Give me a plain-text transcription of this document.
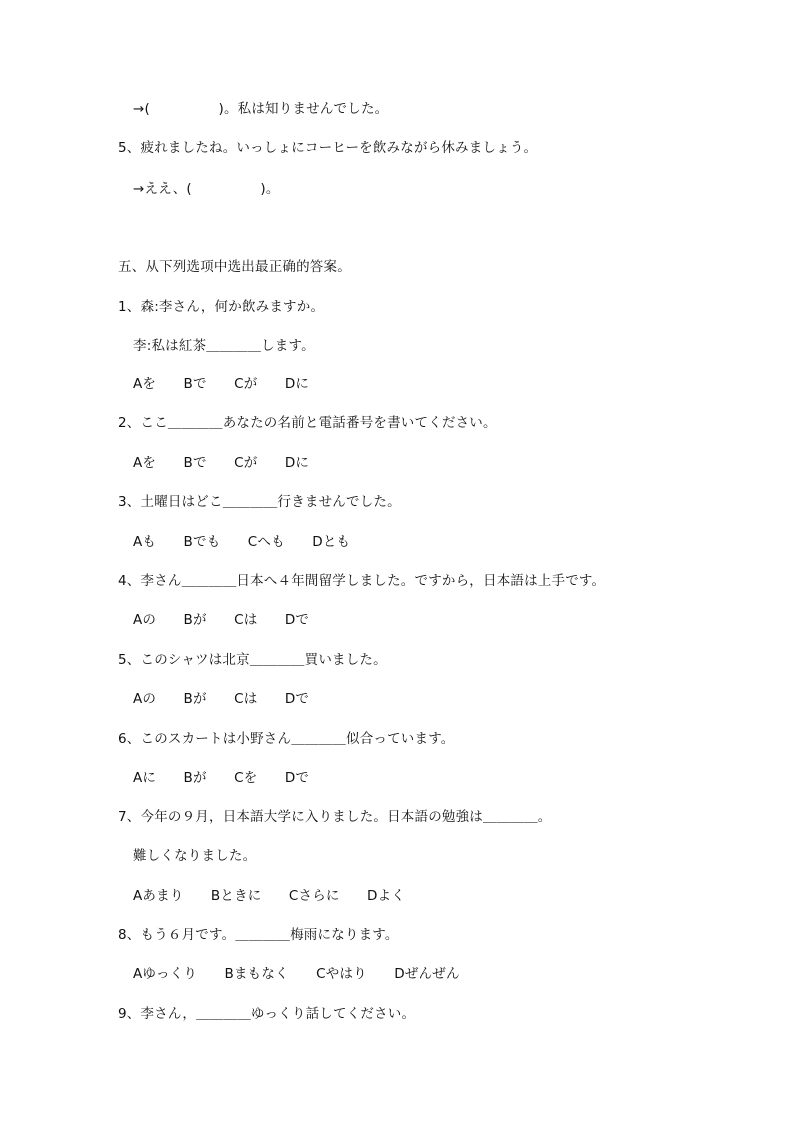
→(　　　　　)。私は知りませんでした。
5、疲れましたね。いっしょにコーヒーを飲みながら休みましょう。
→ええ、(　　　　　)。
五、从下列选项中选出最正确的答案。
1、森:李さん，何か飲みますか。
李:私は紅茶＿＿＿＿します。
Aを　　Bで　　Cが　　Dに
2、ここ＿＿＿＿あなたの名前と電話番号を書いてください。
Aを　　Bで　　Cが　　Dに
3、土曜日はどこ＿＿＿＿行きませんでした。
Aも　　Bでも　　Cへも　　Dとも
4、李さん＿＿＿＿日本へ４年間留学しました。ですから，日本語は上手です。
Aの　　Bが　　Cは　　Dで
5、このシャツは北京＿＿＿＿買いました。
Aの　　Bが　　Cは　　Dで
6、このスカートは小野さん＿＿＿＿似合っています。
Aに　　Bが　　Cを　　Dで
7、今年の９月，日本語大学に入りました。日本語の勉強は＿＿＿＿。
難しくなりました。
Aあまり　　Bときに　　Cさらに　　Dよく
8、もう６月です。＿＿＿＿梅雨になります。
Aゆっくり　　Bまもなく　　Cやはり　　Dぜんぜん
9、李さん，＿＿＿＿ゆっくり話してください。
